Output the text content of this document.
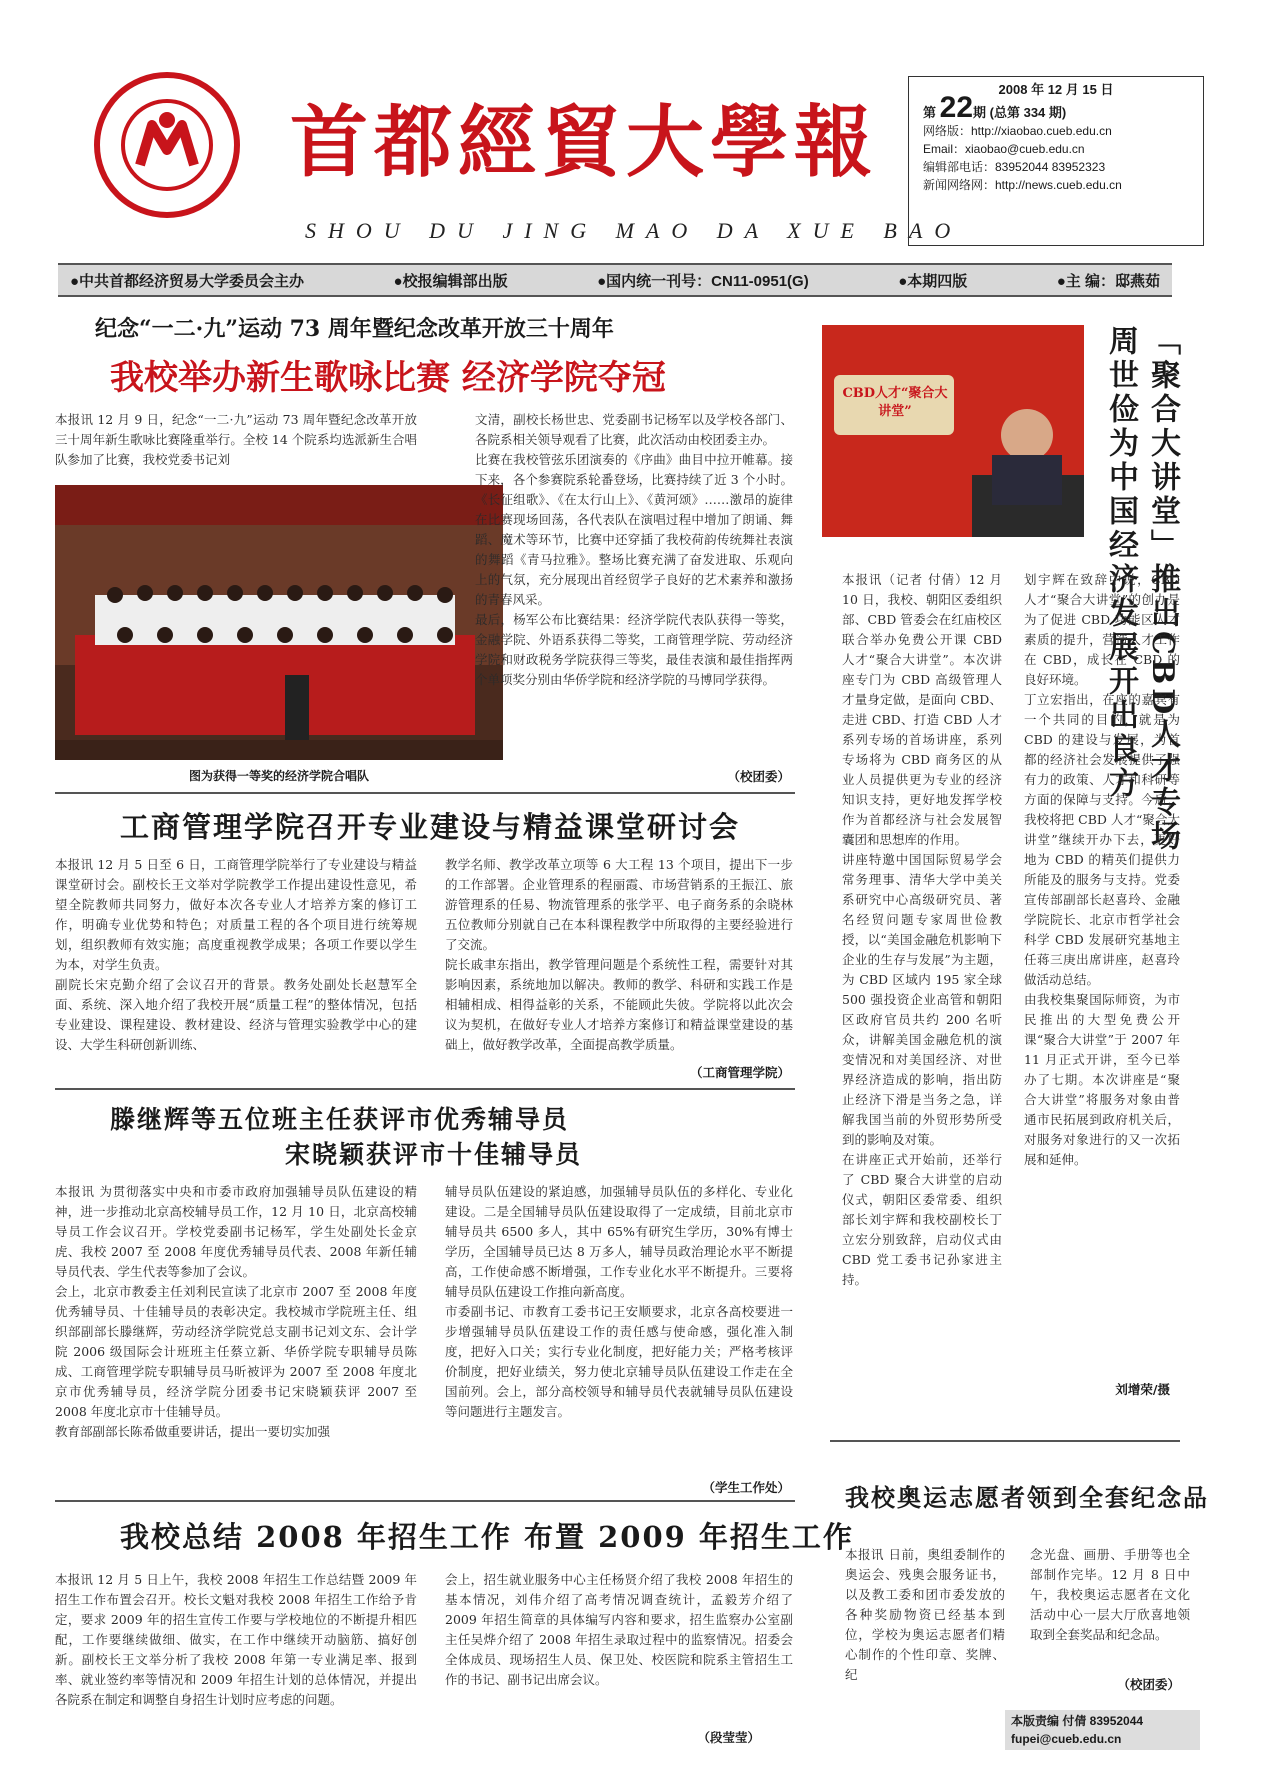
首都經貿大學報
SHOU DU JING MAO DA XUE BAO
2008 年 12 月 15 日
第 22期 (总第 334 期)
网络版：http://xiaobao.cueb.edu.cn
Email：xiaobao@cueb.edu.cn
编辑部电话：83952044 83952323
新闻网络网：http://news.cueb.edu.cn
●中共首都经济贸易大学委员会主办	●校报编辑部出版	●国内统一刊号：CN11-0951(G)	●本期四版	●主 编：邸燕茹
纪念“一二·九”运动 73 周年暨纪念改革开放三十周年
我校举办新生歌咏比赛 经济学院夺冠
本报讯 12 月 9 日，纪念“一二·九”运动 73 周年暨纪念改革开放三十周年新生歌咏比赛隆重举行。全校 14 个院系均选派新生合唱队参加了比赛，我校党委书记刘
图为获得一等奖的经济学院合唱队
文清，副校长杨世忠、党委副书记杨军以及学校各部门、各院系相关领导观看了比赛，此次活动由校团委主办。
比赛在我校管弦乐团演奏的《序曲》曲目中拉开帷幕。接下来，各个参赛院系轮番登场，比赛持续了近 3 个小时。《长征组歌》、《在太行山上》、《黄河颂》……激昂的旋律在比赛现场回荡，各代表队在演唱过程中增加了朗诵、舞蹈、魔术等环节，比赛中还穿插了我校荷韵传统舞社表演的舞蹈《青马拉雅》。整场比赛充满了奋发进取、乐观向上的气氛，充分展现出首经贸学子良好的艺术素养和激扬的青春风采。
最后，杨军公布比赛结果：经济学院代表队获得一等奖，金融学院、外语系获得二等奖，工商管理学院、劳动经济学院和财政税务学院获得三等奖，最佳表演和最佳指挥两个单项奖分别由华侨学院和经济学院的马博同学获得。
（校团委）
工商管理学院召开专业建设与精益课堂研讨会
本报讯 12 月 5 日至 6 日，工商管理学院举行了专业建设与精益课堂研讨会。副校长王文举对学院教学工作提出建设性意见，希望全院教师共同努力，做好本次各专业人才培养方案的修订工作，明确专业优势和特色；对质量工程的各个项目进行统筹规划，组织教师有效实施；高度重视教学成果；各项工作要以学生为本，对学生负责。
副院长宋克勤介绍了会议召开的背景。教务处副处长赵慧军全面、系统、深入地介绍了我校开展“质量工程”的整体情况，包括专业建设、课程建设、教材建设、经济与管理实验教学中心的建设、大学生科研创新训练、
教学名师、教学改革立项等 6 大工程 13 个项目，提出下一步的工作部署。企业管理系的程丽霞、市场营销系的王振江、旅游管理系的任易、物流管理系的张学平、电子商务系的余晓林五位教师分别就自己在本科课程教学中所取得的主要经验进行了交流。
院长戚聿东指出，教学管理问题是个系统性工程，需要针对其影响因素，系统地加以解决。教师的教学、科研和实践工作是相辅相成、相得益彰的关系，不能顾此失彼。学院将以此次会议为契机，在做好专业人才培养方案修订和精益课堂建设的基础上，做好教学改革，全面提高教学质量。
（工商管理学院）
滕继辉等五位班主任获评市优秀辅导员
宋晓颖获评市十佳辅导员
本报讯 为贯彻落实中央和市委市政府加强辅导员队伍建设的精神，进一步推动北京高校辅导员工作，12 月 10 日，北京高校辅导员工作会议召开。学校党委副书记杨军，学生处副处长金京虎、我校 2007 至 2008 年度优秀辅导员代表、2008 年新任辅导员代表、学生代表等参加了会议。
会上，北京市教委主任刘利民宣读了北京市 2007 至 2008 年度优秀辅导员、十佳辅导员的表彰决定。我校城市学院班主任、组织部副部长滕继辉，劳动经济学院党总支副书记刘文东、会计学院 2006 级国际会计班班主任蔡立新、华侨学院专职辅导员陈成、工商管理学院专职辅导员马昕被评为 2007 至 2008 年度北京市优秀辅导员，经济学院分团委书记宋晓颖获评 2007 至 2008 年度北京市十佳辅导员。
教育部副部长陈希做重要讲话，提出一要切实加强
辅导员队伍建设的紧迫感，加强辅导员队伍的多样化、专业化建设。二是全国辅导员队伍建设取得了一定成绩，目前北京市辅导员共 6500 多人，其中 65%有研究生学历，30%有博士学历，全国辅导员已达 8 万多人，辅导员政治理论水平不断提高，工作使命感不断增强，工作专业化水平不断提升。三要将辅导员队伍建设工作推向新高度。
市委副书记、市教育工委书记王安顺要求，北京各高校要进一步增强辅导员队伍建设工作的责任感与使命感，强化准入制度，把好入口关；实行专业化制度，把好能力关；严格考核评价制度，把好业绩关，努力使北京辅导员队伍建设工作走在全国前列。会上，部分高校领导和辅导员代表就辅导员队伍建设等问题进行主题发言。
（学生工作处）
我校总结 2008 年招生工作 布置 2009 年招生工作
本报讯 12 月 5 日上午，我校 2008 年招生工作总结暨 2009 年招生工作布置会召开。校长文魁对我校 2008 年招生工作给予肯定，要求 2009 年的招生宣传工作要与学校地位的不断提升相匹配，工作要继续做细、做实，在工作中继续开动脑筋、搞好创新。副校长王文举分析了我校 2008 年第一专业满足率、报到率、就业签约率等情况和 2009 年招生计划的总体情况，并提出各院系在制定和调整自身招生计划时应考虑的问题。
会上，招生就业服务中心主任杨贤介绍了我校 2008 年招生的基本情况，刘伟介绍了高考情况调查统计，孟毅芳介绍了 2009 年招生简章的具体编写内容和要求，招生监察办公室副主任吴烨介绍了 2008 年招生录取过程中的监察情况。招委会全体成员、现场招生人员、保卫处、校医院和院系主管招生工作的书记、副书记出席会议。
（段莹莹）
CBD人才“聚合大讲堂”	「聚合大讲堂」推出CBD人才专场
周世俭为中国经济发展开出良方
本报讯（记者 付倩）12 月 10 日，我校、朝阳区委组织部、CBD 管委会在红庙校区联合举办免费公开课 CBD 人才“聚合大讲堂”。本次讲座专门为 CBD 高级管理人才量身定做，是面向 CBD、走进 CBD、打造 CBD 人才系列专场的首场讲座，系列专场将为 CBD 商务区的从业人员提供更为专业的经济知识支持，更好地发挥学校作为首都经济与社会发展智囊团和思想库的作用。
讲座特邀中国国际贸易学会常务理事、清华大学中美关系研究中心高级研究员、著名经贸问题专家周世俭教授，以“美国金融危机影响下企业的生存与发展”为主题，为 CBD 区域内 195 家全球 500 强投资企业高管和朝阳区政府官员共约 200 名听众，讲解美国金融危机的演变情况和对美国经济、对世界经济造成的影响，指出防止经济下滑是当务之急，详解我国当前的外贸形势所受到的影响及对策。
在讲座正式开始前，还举行了 CBD 聚合大讲堂的启动仪式，朝阳区委常委、组织部长刘宇辉和我校副校长丁立宏分别致辞，启动仪式由 CBD 党工委书记孙家进主持。
划宇辉在致辞中说，CBD 人才“聚合大讲堂”的创办是为了促进 CBD 功能区人才素质的提升，营造人才工作在 CBD，成长在 CBD 的良好环境。
丁立宏指出，在座的嘉宾有一个共同的目的，就是为 CBD 的建设与发展，为首都的经济社会发展提供了强有力的政策、人才和科研等方面的保障与支持。今后，我校将把 CBD 人才“聚合大讲堂”继续开办下去，更好地为 CBD 的精英们提供力所能及的服务与支持。党委宣传部副部长赵喜玲、金融学院院长、北京市哲学社会科学 CBD 发展研究基地主任蒋三庚出席讲座，赵喜玲做活动总结。
由我校集聚国际师资，为市民推出的大型免费公开课“聚合大讲堂”于 2007 年 11 月正式开讲，至今已举办了七期。本次讲座是“聚合大讲堂”将服务对象由普通市民拓展到政府机关后，对服务对象进行的又一次拓展和延伸。
刘增荣/摄
我校奥运志愿者领到全套纪念品
本报讯 日前，奥组委制作的奥运会、残奥会服务证书，以及教工委和团市委发放的各种奖励物资已经基本到位，学校为奥运志愿者们精心制作的个性印章、奖牌、纪
念光盘、画册、手册等也全部制作完毕。12 月 8 日中午，我校奥运志愿者在文化活动中心一层大厅欣喜地领取到全套奖品和纪念品。
（校团委）
本版责编 付倩 83952044
fupei@cueb.edu.cn
